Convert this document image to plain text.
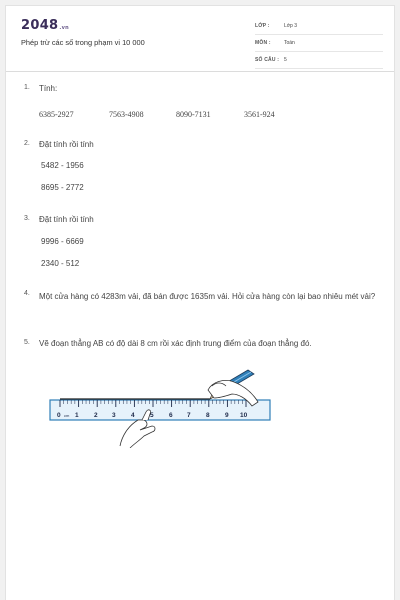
2048.vn
Phép trừ các số trong phạm vi 10 000
LỚP :	Lớp 3
MÔN :	Toán
SỐ CÂU : 5
1. Tính:
6385-2927	7563-4908	8090-7131	3561-924
2. Đặt tính rồi tính
5482 - 1956
8695 - 2772
3. Đặt tính rồi tính
9996 - 6669
2340 - 512
4. Một cửa hàng có 4283m vải, đã bán được 1635m vải. Hỏi cửa hàng còn lại bao nhiêu mét vải?
5. Vẽ đoạn thẳng AB có độ dài 8 cm rồi xác định trung điểm của đoạn thẳng đó.
0 cm 1 2 3 4 5 6 7 8 9 10
